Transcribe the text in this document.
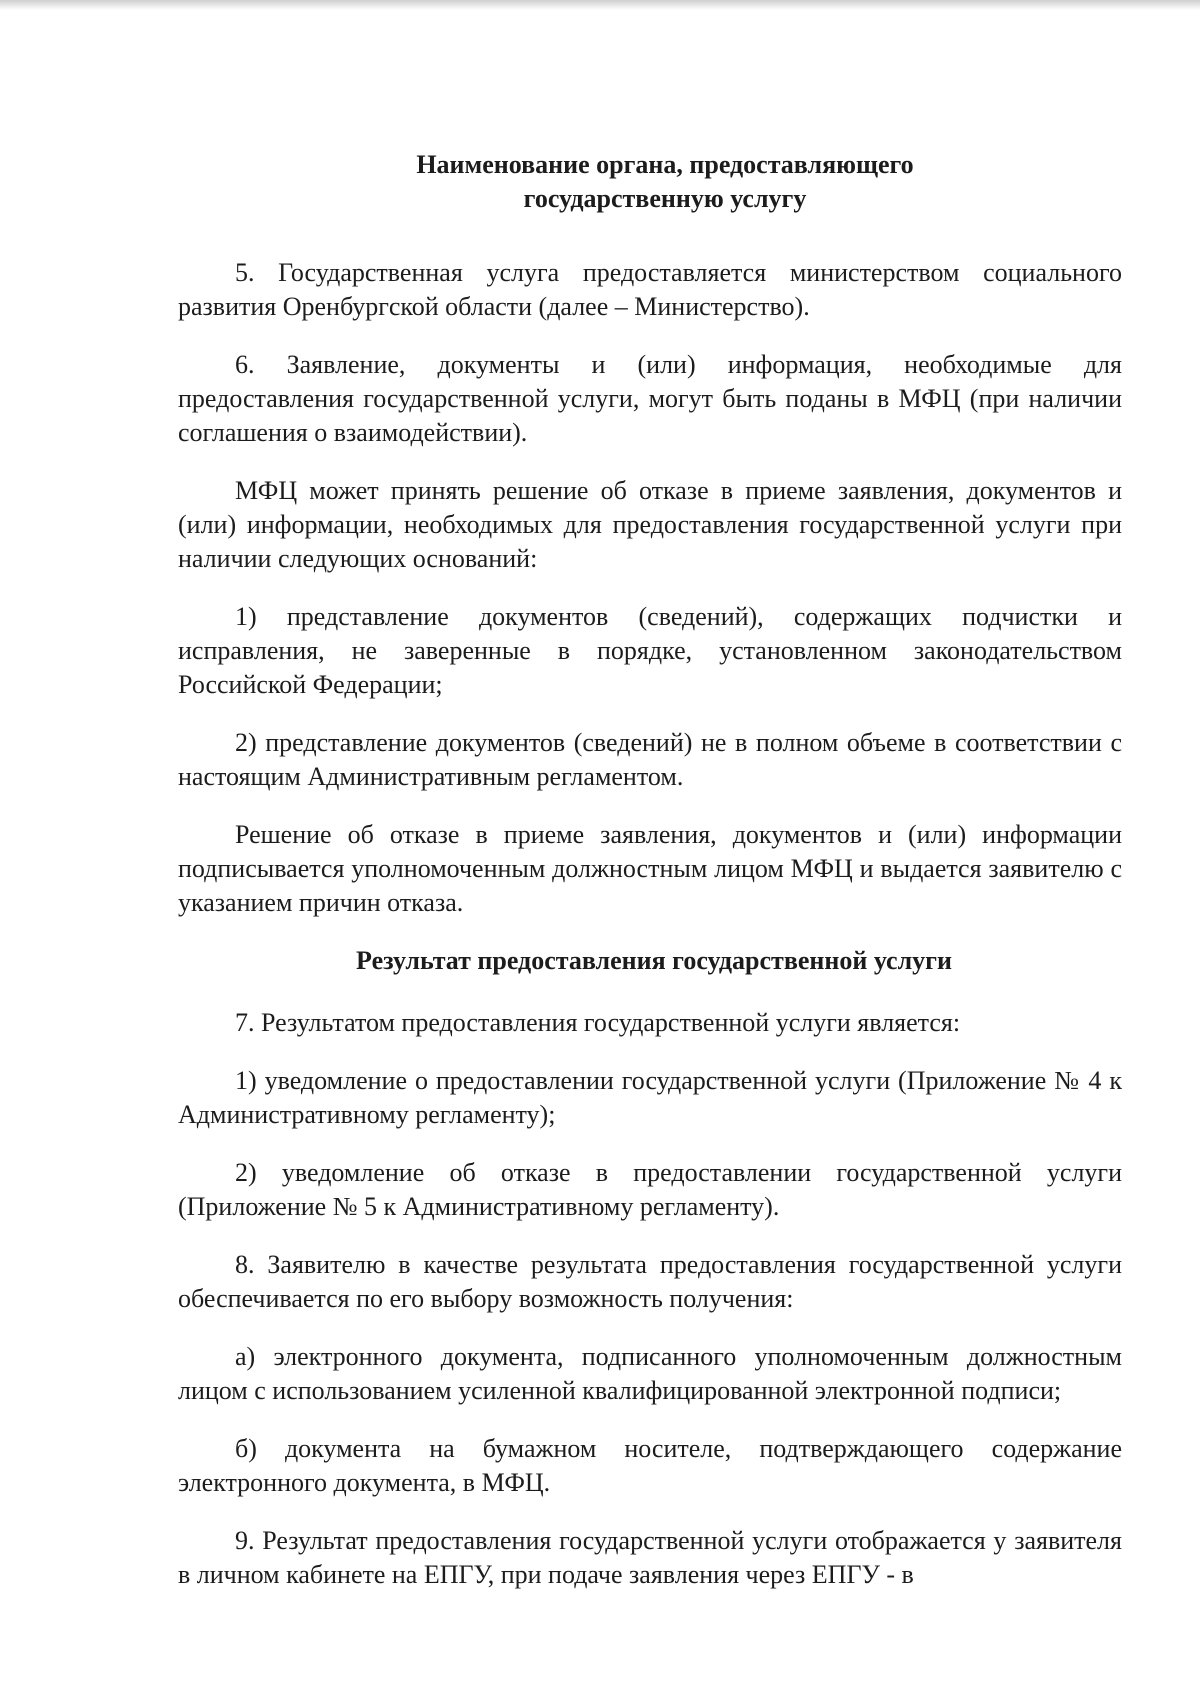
Наименование органа, предоставляющего
государственную услугу

5. Государственная услуга предоставляется министерством социального развития Оренбургской области (далее – Министерство).

6. Заявление, документы и (или) информация, необходимые для предоставления государственной услуги, могут быть поданы в МФЦ (при наличии соглашения о взаимодействии).

МФЦ может принять решение об отказе в приеме заявления, документов и (или) информации, необходимых для предоставления государственной услуги при наличии следующих оснований:

1) представление документов (сведений), содержащих подчистки и исправления, не заверенные в порядке, установленном законодательством Российской Федерации;

2) представление документов (сведений) не в полном объеме в соответствии с настоящим Административным регламентом.

Решение об отказе в приеме заявления, документов и (или) информации подписывается уполномоченным должностным лицом МФЦ и выдается заявителю с указанием причин отказа.

Результат предоставления государственной услуги

7. Результатом предоставления государственной услуги является:

1) уведомление о предоставлении государственной услуги (Приложение № 4 к Административному регламенту);

2) уведомление об отказе в предоставлении государственной услуги (Приложение № 5 к Административному регламенту).

8. Заявителю в качестве результата предоставления государственной услуги обеспечивается по его выбору возможность получения:

а) электронного документа, подписанного уполномоченным должностным лицом с использованием усиленной квалифицированной электронной подписи;

б) документа на бумажном носителе, подтверждающего содержание электронного документа, в МФЦ.

9. Результат предоставления государственной услуги отображается у заявителя в личном кабинете на ЕПГУ, при подаче заявления через ЕПГУ - в
